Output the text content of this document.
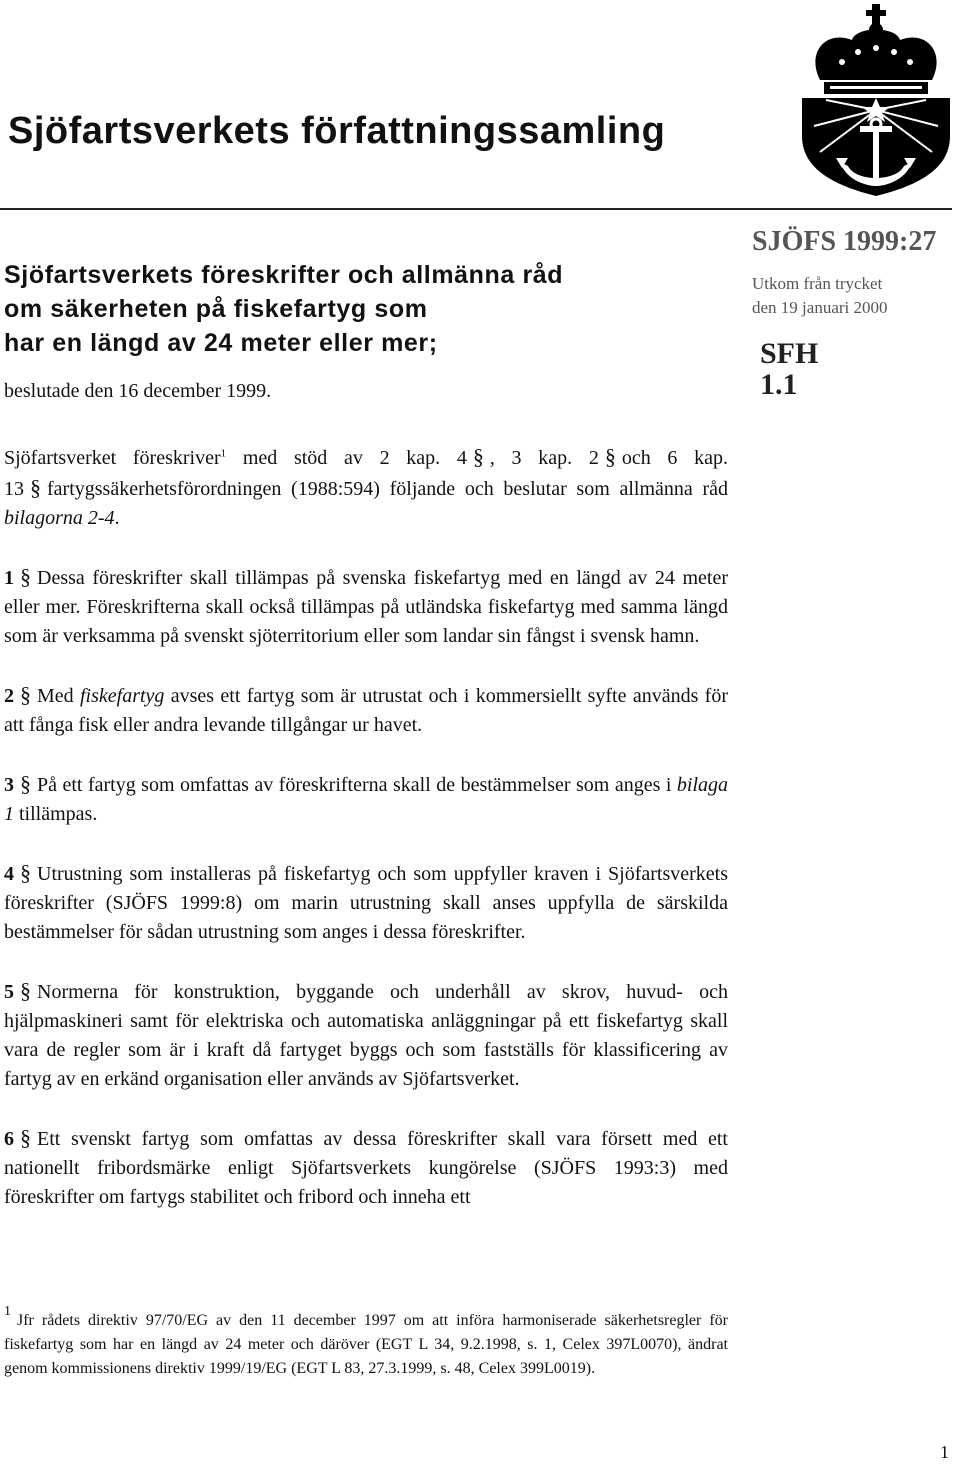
Sjöfartsverkets författningssamling
Sjöfartsverkets föreskrifter och allmänna råd
om säkerheten på fiskefartyg som
har en längd av 24 meter eller mer;
beslutade den 16 december 1999.
SJÖFS 1999:27
Utkom från trycket
den 19 januari 2000
SFH
1.1

Sjöfartsverket föreskriver$^1$ med stöd av 2 kap. 4 § , 3 kap. 2 § och 6 kap. 13 § fartygssäkerhetsförordningen (1988:594) följande och beslutar som allmänna råd bilagorna 2-4.

1 § Dessa föreskrifter skall tillämpas på svenska fiskefartyg med en längd av 24 meter eller mer. Föreskrifterna skall också tillämpas på utländska fiskefartyg med samma längd som är verksamma på svenskt sjöterritorium eller som landar sin fångst i svensk hamn.

2 § Med fiskefartyg avses ett fartyg som är utrustat och i kommersiellt syfte används för att fånga fisk eller andra levande tillgångar ur havet.

3 § På ett fartyg som omfattas av föreskrifterna skall de bestämmelser som anges i bilaga 1 tillämpas.

4 § Utrustning som installeras på fiskefartyg och som uppfyller kraven i Sjöfartsverkets föreskrifter (SJÖFS 1999:8) om marin utrustning skall anses uppfylla de särskilda bestämmelser för sådan utrustning som anges i dessa föreskrifter.

5 § Normerna för konstruktion, byggande och underhåll av skrov, huvud- och hjälpmaskineri samt för elektriska och automatiska anläggningar på ett fiskefartyg skall vara de regler som är i kraft då fartyget byggs och som fastställs för klassificering av fartyg av en erkänd organisation eller används av Sjöfartsverket.

6 § Ett svenskt fartyg som omfattas av dessa föreskrifter skall vara försett med ett nationellt fribordsmärke enligt Sjöfartsverkets kungörelse (SJÖFS 1993:3) med föreskrifter om fartygs stabilitet och fribord och inneha ett

1Jfr rådets direktiv 97/70/EG av den 11 december 1997 om att införa harmoniserade säkerhetsregler för fiskefartyg som har en längd av 24 meter och däröver (EGT L 34, 9.2.1998, s. 1, Celex 397L0070), ändrat genom kommissionens direktiv 1999/19/EG (EGT L 83, 27.3.1999, s. 48, Celex 399L0019).
1
